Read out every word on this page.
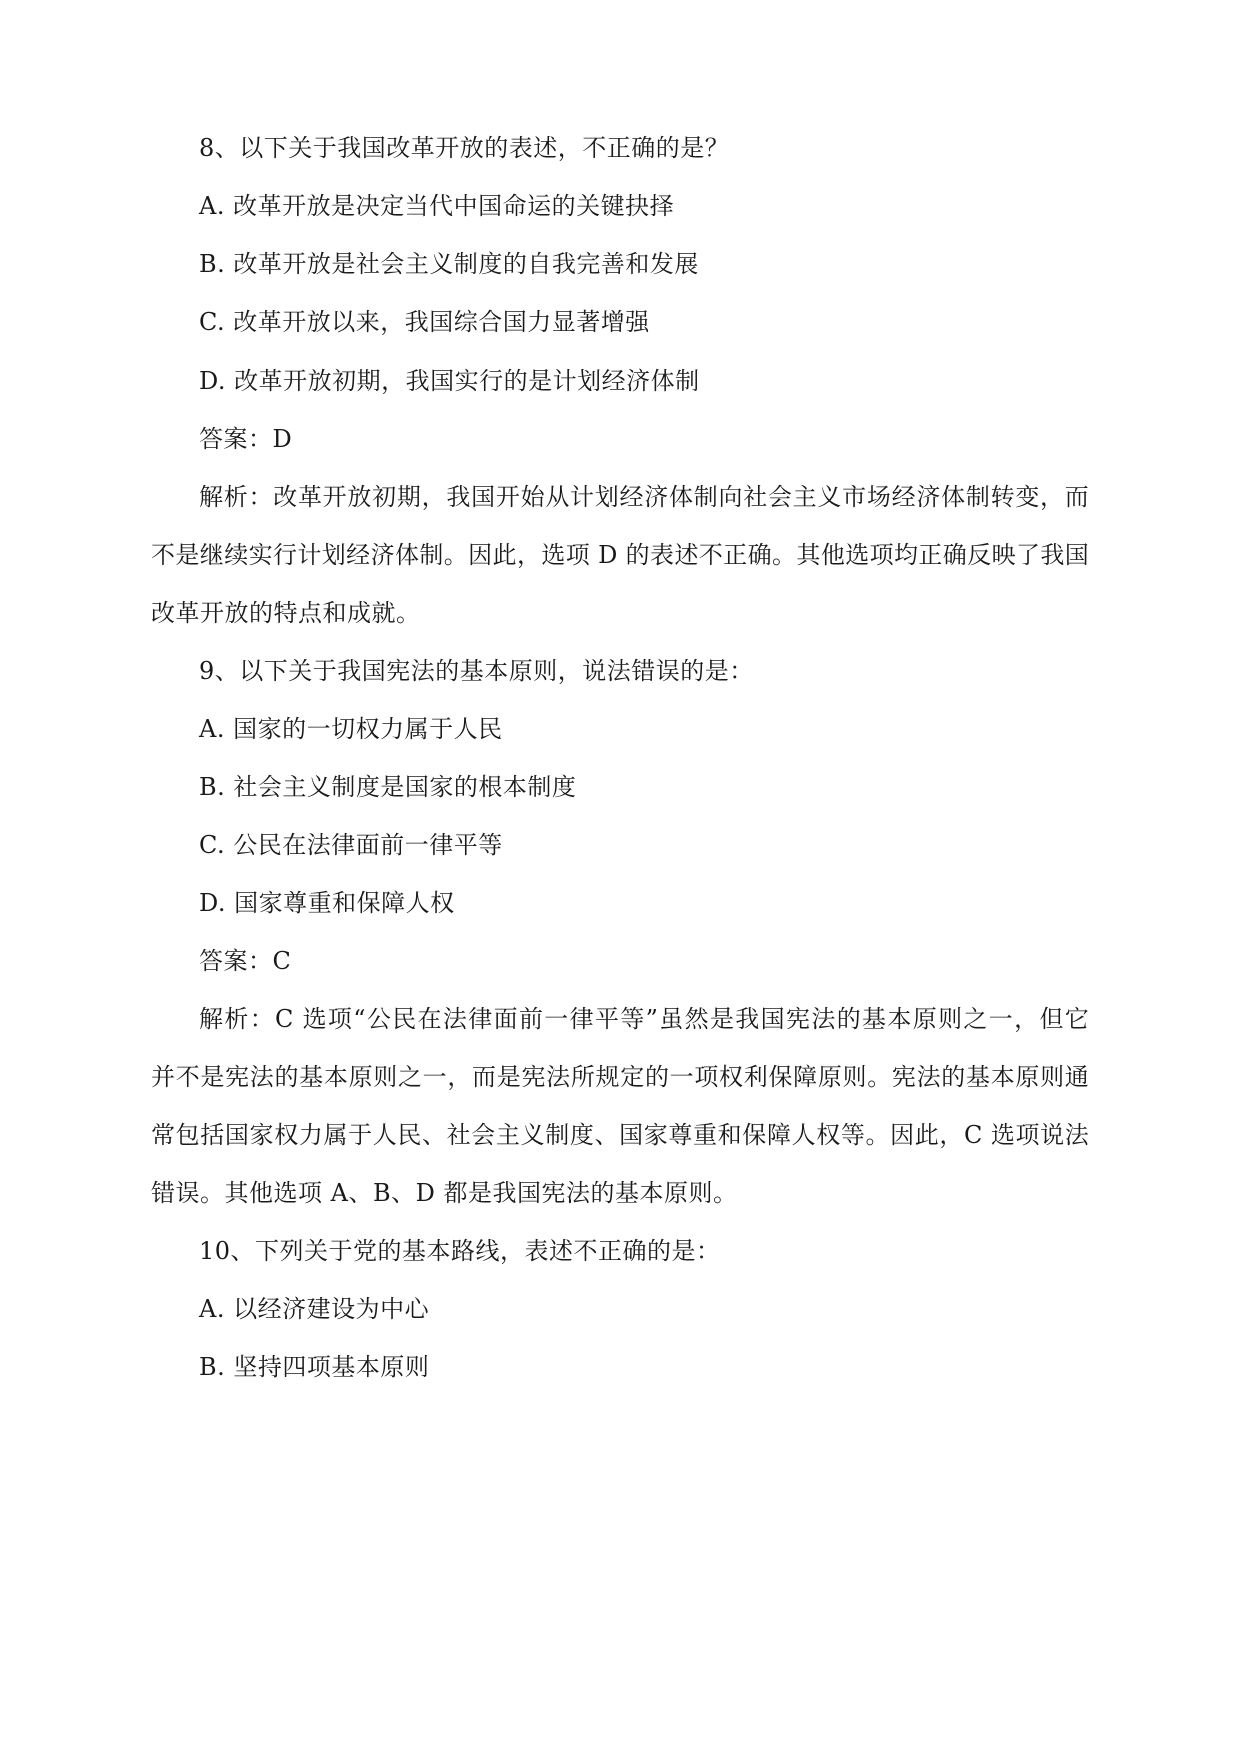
8、以下关于我国改革开放的表述，不正确的是？
A. 改革开放是决定当代中国命运的关键抉择
B. 改革开放是社会主义制度的自我完善和发展
C. 改革开放以来，我国综合国力显著增强
D. 改革开放初期，我国实行的是计划经济体制
答案：D
解析：改革开放初期，我国开始从计划经济体制向社会主义市场经济体制转变，而
不是继续实行计划经济体制。因此，选项 D 的表述不正确。其他选项均正确反映了我国
改革开放的特点和成就。
9、以下关于我国宪法的基本原则，说法错误的是：
A. 国家的一切权力属于人民
B. 社会主义制度是国家的根本制度
C. 公民在法律面前一律平等
D. 国家尊重和保障人权
答案：C
解析：C 选项“公民在法律面前一律平等”虽然是我国宪法的基本原则之一，但它
并不是宪法的基本原则之一，而是宪法所规定的一项权利保障原则。宪法的基本原则通
常包括国家权力属于人民、社会主义制度、国家尊重和保障人权等。因此，C 选项说法
错误。其他选项 A、B、D 都是我国宪法的基本原则。
10、下列关于党的基本路线，表述不正确的是：
A. 以经济建设为中心
B. 坚持四项基本原则
